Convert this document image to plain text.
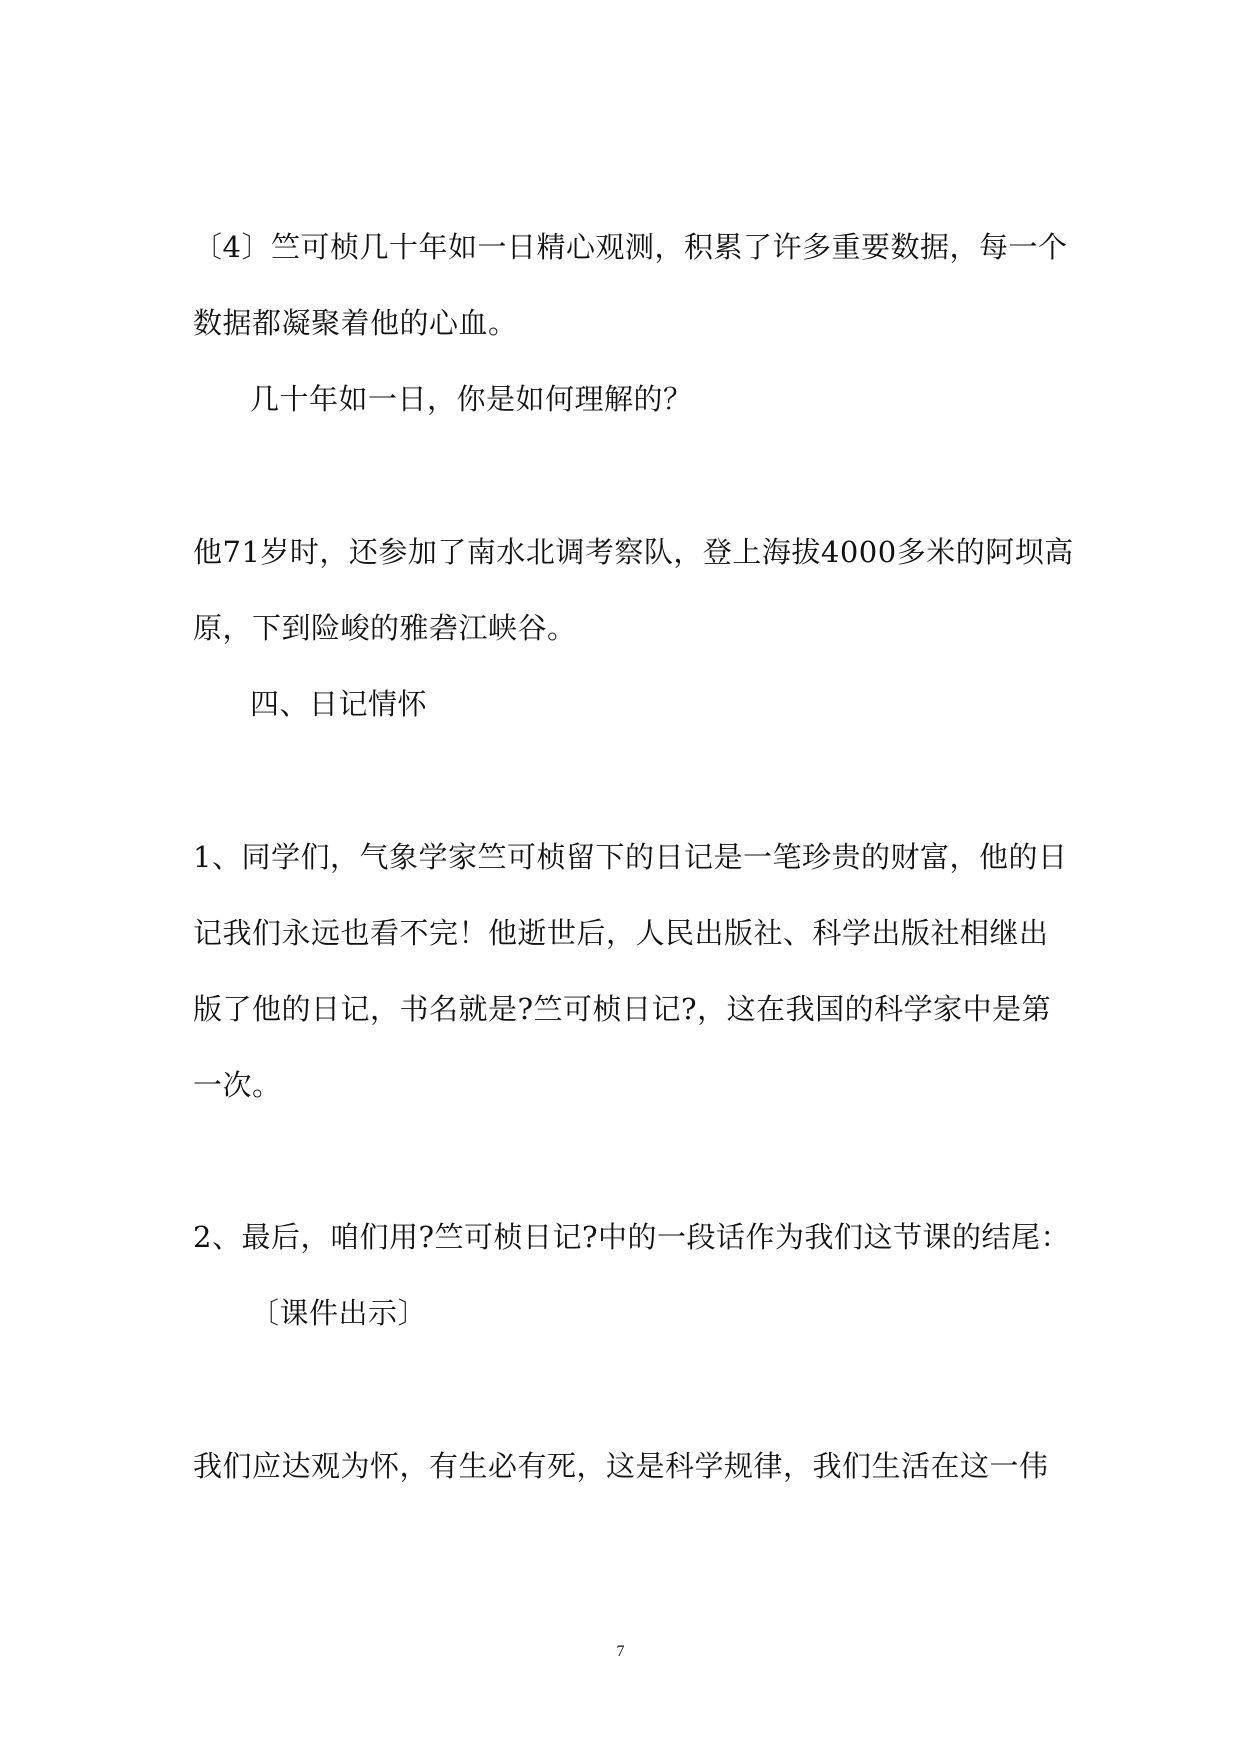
〔4〕竺可桢几十年如一日精心观测，积累了许多重要数据，每一个
数据都凝聚着他的心血。
几十年如一日，你是如何理解的？
他71岁时，还参加了南水北调考察队，登上海拔4000多米的阿坝高
原，下到险峻的雅砻江峡谷。
四、日记情怀
1、同学们，气象学家竺可桢留下的日记是一笔珍贵的财富，他的日
记我们永远也看不完！他逝世后，人民出版社、科学出版社相继出
版了他的日记，书名就是?竺可桢日记?，这在我国的科学家中是第
一次。
2、最后，咱们用?竺可桢日记?中的一段话作为我们这节课的结尾：
〔课件出示〕
我们应达观为怀，有生必有死，这是科学规律，我们生活在这一伟
7
